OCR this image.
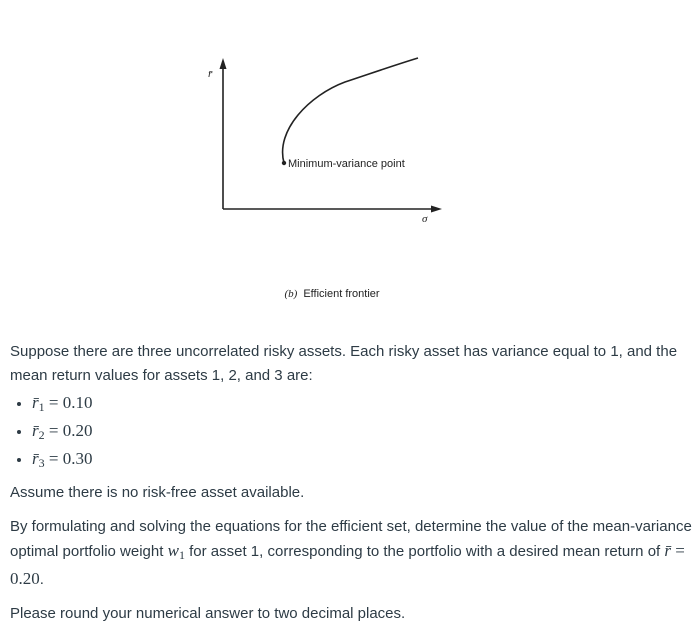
r̄
σ
Minimum-variance point
(b) Efficient frontier

Suppose there are three uncorrelated risky assets. Each risky asset has variance equal to 1, and the mean return values for assets 1, 2, and 3 are:

• $r̄_1 = 0.10$
• $r̄_2 = 0.20$
• $r̄_3 = 0.30$

Assume there is no risk-free asset available.

By formulating and solving the equations for the efficient set, determine the value of the mean-variance optimal portfolio weight $w_1$ for asset 1, corresponding to the portfolio with a desired mean return of r̄ = 0.20.

Please round your numerical answer to two decimal places.
